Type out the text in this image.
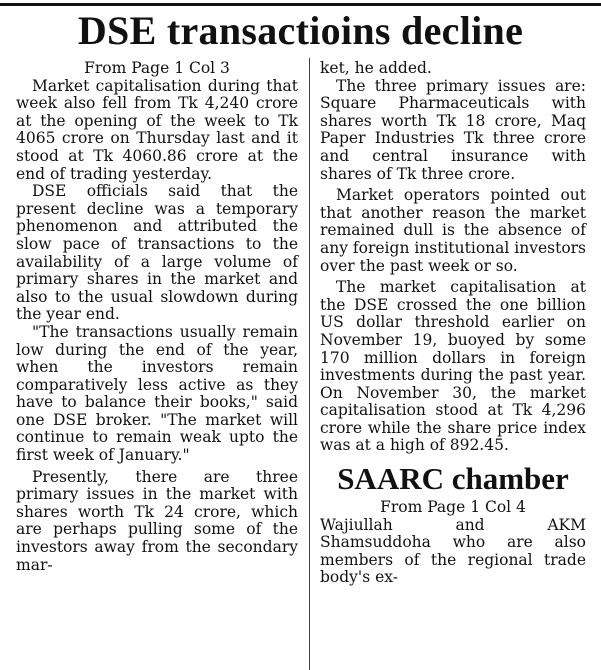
DSE transactioins decline

From Page 1 Col 3

Market capitalisation during that week also fell from Tk 4,240 crore at the opening of the week to Tk 4065 crore on Thursday last and it stood at Tk 4060.86 crore at the end of trading yesterday.

DSE officials said that the present decline was a temporary phenomenon and attributed the slow pace of transactions to the availability of a large volume of primary shares in the market and also to the usual slowdown during the year end.

"The transactions usually remain low during the end of the year, when the investors remain comparatively less active as they have to balance their books," said one DSE broker. "The market will continue to remain weak upto the first week of January."

Presently, there are three primary issues in the market with shares worth Tk 24 crore, which are perhaps pulling some of the investors away from the secondary mar-

ket, he added.

The three primary issues are: Square Pharmaceuticals with shares worth Tk 18 crore, Maq Paper Industries Tk three crore and central insurance with shares of Tk three crore.

Market operators pointed out that another reason the market remained dull is the absence of any foreign institutional investors over the past week or so.

The market capitalisation at the DSE crossed the one billion US dollar threshold earlier on November 19, buoyed by some 170 million dollars in foreign investments during the past year. On November 30, the market capitalisation stood at Tk 4,296 crore while the share price index was at a high of 892.45.

SAARC chamber

From Page 1 Col 4

Wajiullah and AKM Shamsuddoha who are also members of the regional trade body's ex-
